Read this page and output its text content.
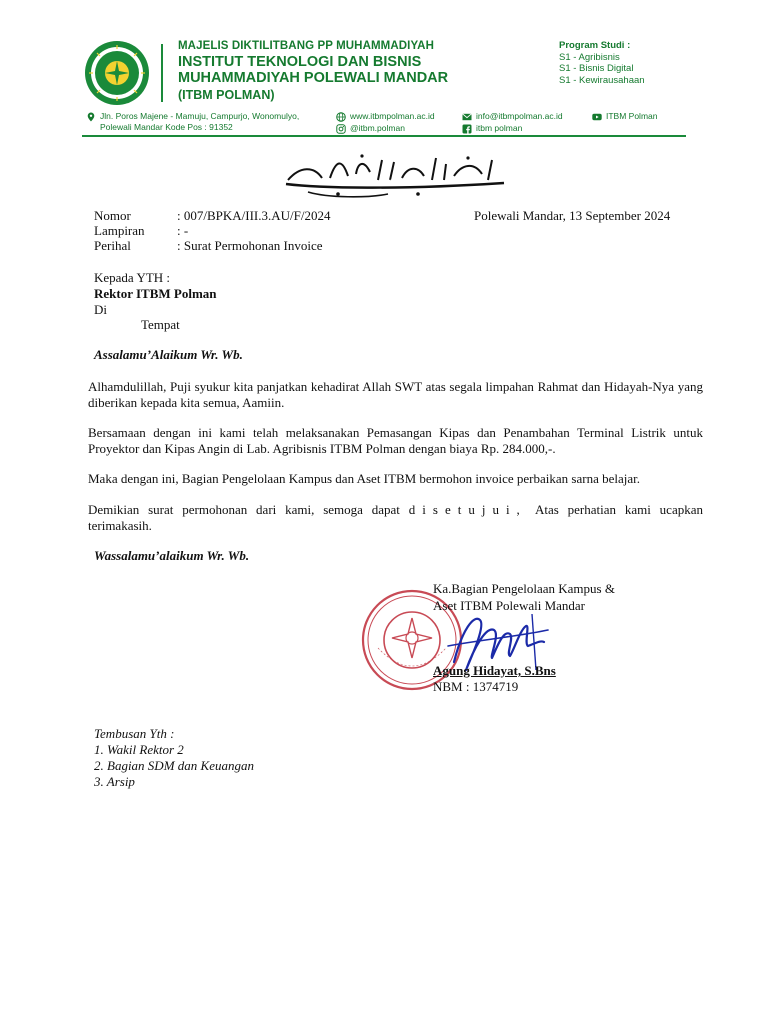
MAJELIS DIKTILITBANG PP MUHAMMADIYAH
INSTITUT TEKNOLOGI DAN BISNIS
MUHAMMADIYAH POLEWALI MANDAR
(ITBM POLMAN)
Program Studi :
S1 - Agribisnis
S1 - Bisnis Digital
S1 - Kewirausahaan
Jln. Poros Majene - Mamuju, Campurjo, Wonomulyo,
Polewali Mandar Kode Pos : 91352
www.itbmpolman.ac.id
@itbm.polman
info@itbmpolman.ac.id
itbm polman
ITBM Polman
بِسْمِ اللّٰهِ الرَّحْمٰنِ الرَّحِيْمِ
Nomor	: 007/BPKA/III.3.AU/F/2024	Polewali Mandar, 13 September 2024
Lampiran : -
Perihal	: Surat Permohonan Invoice
Kepada YTH :
Rektor ITBM Polman
Di
Tempat
Assalamu’Alaikum Wr. Wb.
Alhamdulillah, Puji syukur kita panjatkan kehadirat Allah SWT atas segala limpahan Rahmat dan Hidayah-Nya yang diberikan kepada kita semua, Aamiin.
Bersamaan dengan ini kami telah melaksanakan Pemasangan Kipas dan Penambahan Terminal Listrik untuk Proyektor dan Kipas Angin di Lab. Agribisnis ITBM Polman dengan biaya Rp. 284.000,-.
Maka dengan ini, Bagian Pengelolaan Kampus dan Aset ITBM bermohon invoice perbaikan sarna belajar.
Demikian surat permohonan dari kami, semoga dapat disetujui, Atas perhatian kami ucapkan terimakasih.
Wassalamu’alaikum Wr. Wb.
Ka.Bagian Pengelolaan Kampus &
Aset ITBM Polewali Mandar
Agung Hidayat, S.Bns
NBM : 1374719
Tembusan Yth :
1. Wakil Rektor 2
2. Bagian SDM dan Keuangan
3. Arsip
